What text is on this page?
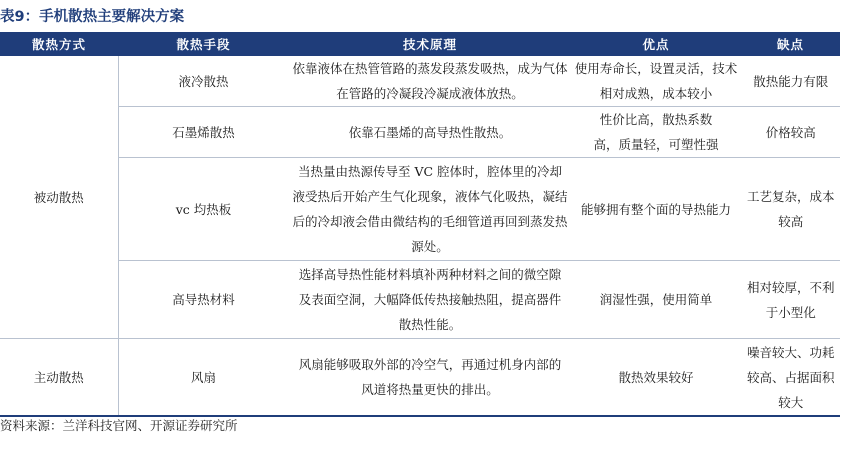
表9：手机散热主要解决方案
散热方式	散热手段	技术原理	优点	缺点
被动散热	液冷散热	依靠液体在热管管路的蒸发段蒸发吸热，成为气体在管路的冷凝段冷凝成液体放热。	使用寿命长，设置灵活，技术相对成熟，成本较小	散热能力有限
	石墨烯散热	依靠石墨烯的高导热性散热。	性价比高，散热系数高，质量轻，可塑性强	价格较高
	vc 均热板	当热量由热源传导至 VC 腔体时，腔体里的冷却液受热后开始产生气化现象，液体气化吸热，凝结后的冷却液会借由微结构的毛细管道再回到蒸发热源处。	能够拥有整个面的导热能力	工艺复杂，成本较高
	高导热材料	选择高导热性能材料填补两种材料之间的微空隙及表面空洞，大幅降低传热接触热阻，提高器件散热性能。	润湿性强，使用简单	相对较厚，不利于小型化
主动散热	风扇	风扇能够吸取外部的冷空气，再通过机身内部的风道将热量更快的排出。	散热效果较好	噪音较大、功耗较高、占据面积较大
资料来源：兰洋科技官网、开源证券研究所
